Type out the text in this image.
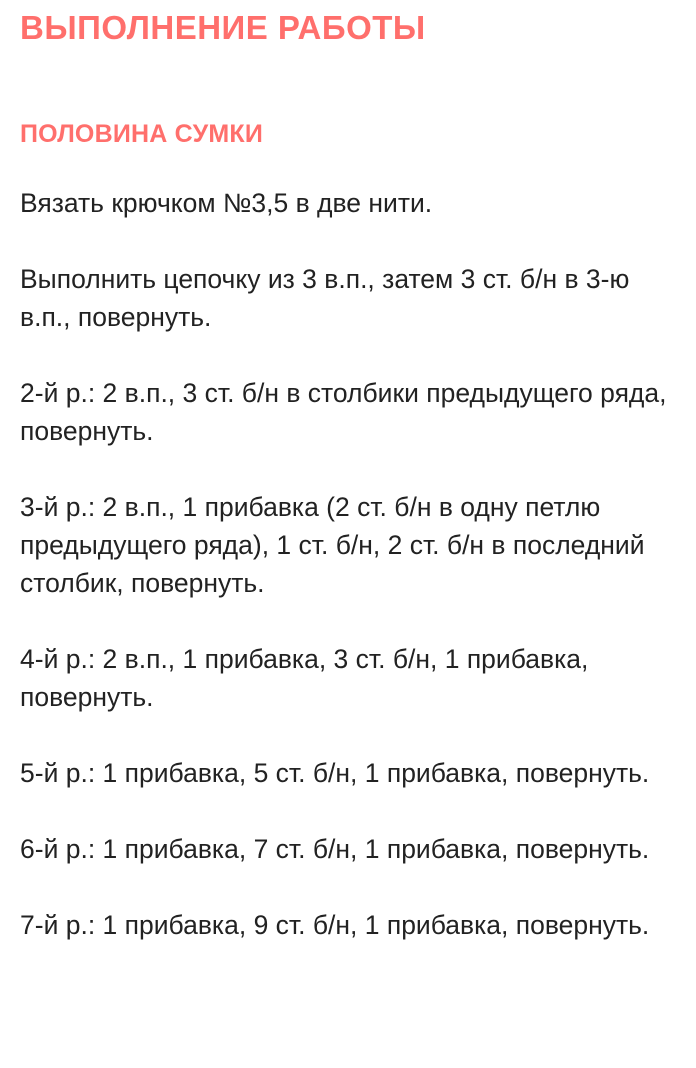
ВЫПОЛНЕНИЕ РАБОТЫ
ПОЛОВИНА СУМКИ
Вязать крючком №3,5 в две нити.
Выполнить цепочку из 3 в.п., затем 3 ст. б/н в 3-ю в.п., повернуть.
2-й р.: 2 в.п., 3 ст. б/н в столбики предыдущего ряда, повернуть.
3-й р.: 2 в.п., 1 прибавка (2 ст. б/н в одну петлю предыдущего ряда), 1 ст. б/н, 2 ст. б/н в последний столбик, повернуть.
4-й р.: 2 в.п., 1 прибавка, 3 ст. б/н, 1 прибавка, повернуть.
5-й р.: 1 прибавка, 5 ст. б/н, 1 прибавка, повернуть.
6-й р.: 1 прибавка, 7 ст. б/н, 1 прибавка, повернуть.
7-й р.: 1 прибавка, 9 ст. б/н, 1 прибавка, повернуть.
